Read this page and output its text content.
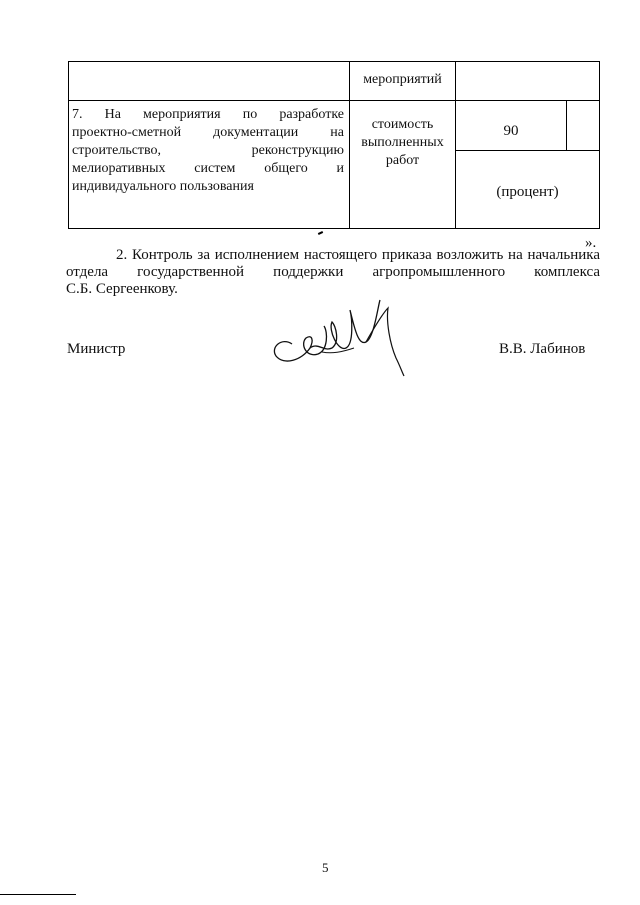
мероприятий
7. На мероприятия по разработке
проектно-сметной документации на
строительство, реконструкцию
мелиоративных систем общего и
индивидуального пользования
стоимость
выполненных
работ
90
(процент)
».
2. Контроль за исполнением настоящего приказа возложить на начальника
отдела государственной поддержки агропромышленного комплекса
С.Б. Сергеенкову.
Министр	В.В. Лабинов
5
